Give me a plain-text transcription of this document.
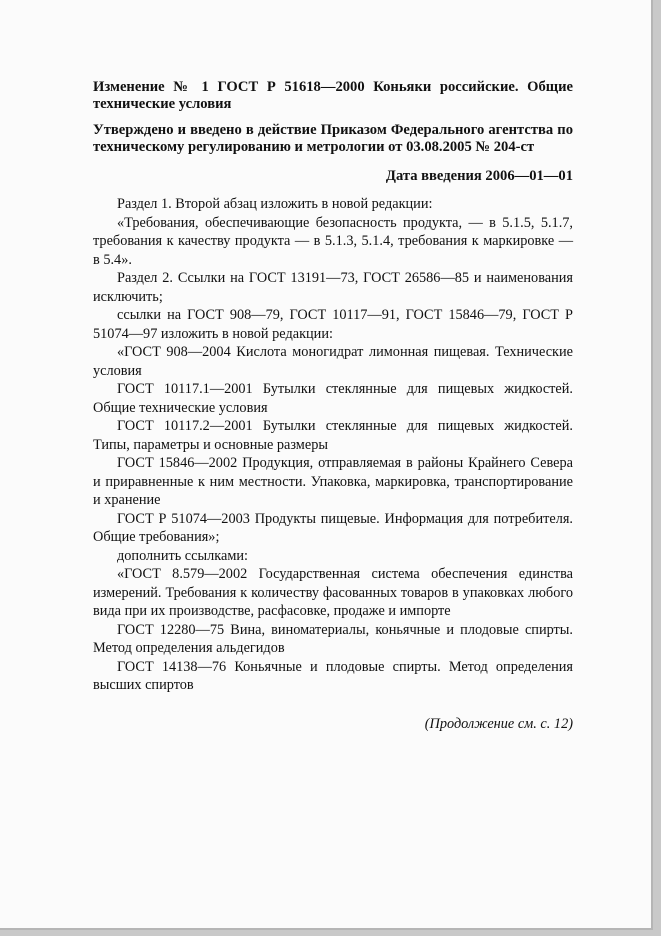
Изменение № 1 ГОСТ Р 51618—2000 Коньяки российские. Общие технические условия

Утверждено и введено в действие Приказом Федерального агентства по техническому регулированию и метрологии от 03.08.2005 № 204-ст

Дата введения 2006—01—01

Раздел 1. Второй абзац изложить в новой редакции:

«Требования, обеспечивающие безопасность продукта, — в 5.1.5, 5.1.7, требования к качеству продукта — в 5.1.3, 5.1.4, требования к маркировке — в 5.4».

Раздел 2. Ссылки на ГОСТ 13191—73, ГОСТ 26586—85 и наименования исключить;

ссылки на ГОСТ 908—79, ГОСТ 10117—91, ГОСТ 15846—79, ГОСТ Р 51074—97 изложить в новой редакции:

«ГОСТ 908—2004 Кислота моногидрат лимонная пищевая. Технические условия

ГОСТ 10117.1—2001 Бутылки стеклянные для пищевых жидкостей. Общие технические условия

ГОСТ 10117.2—2001 Бутылки стеклянные для пищевых жидкостей. Типы, параметры и основные размеры

ГОСТ 15846—2002 Продукция, отправляемая в районы Крайнего Севера и приравненные к ним местности. Упаковка, маркировка, транспортирование и хранение

ГОСТ Р 51074—2003 Продукты пищевые. Информация для потребителя. Общие требования»;

дополнить ссылками:

«ГОСТ 8.579—2002 Государственная система обеспечения единства измерений. Требования к количеству фасованных товаров в упаковках любого вида при их производстве, расфасовке, продаже и импорте

ГОСТ 12280—75 Вина, виноматериалы, коньячные и плодовые спирты. Метод определения альдегидов

ГОСТ 14138—76 Коньячные и плодовые спирты. Метод определения высших спиртов

(Продолжение см. с. 12)
